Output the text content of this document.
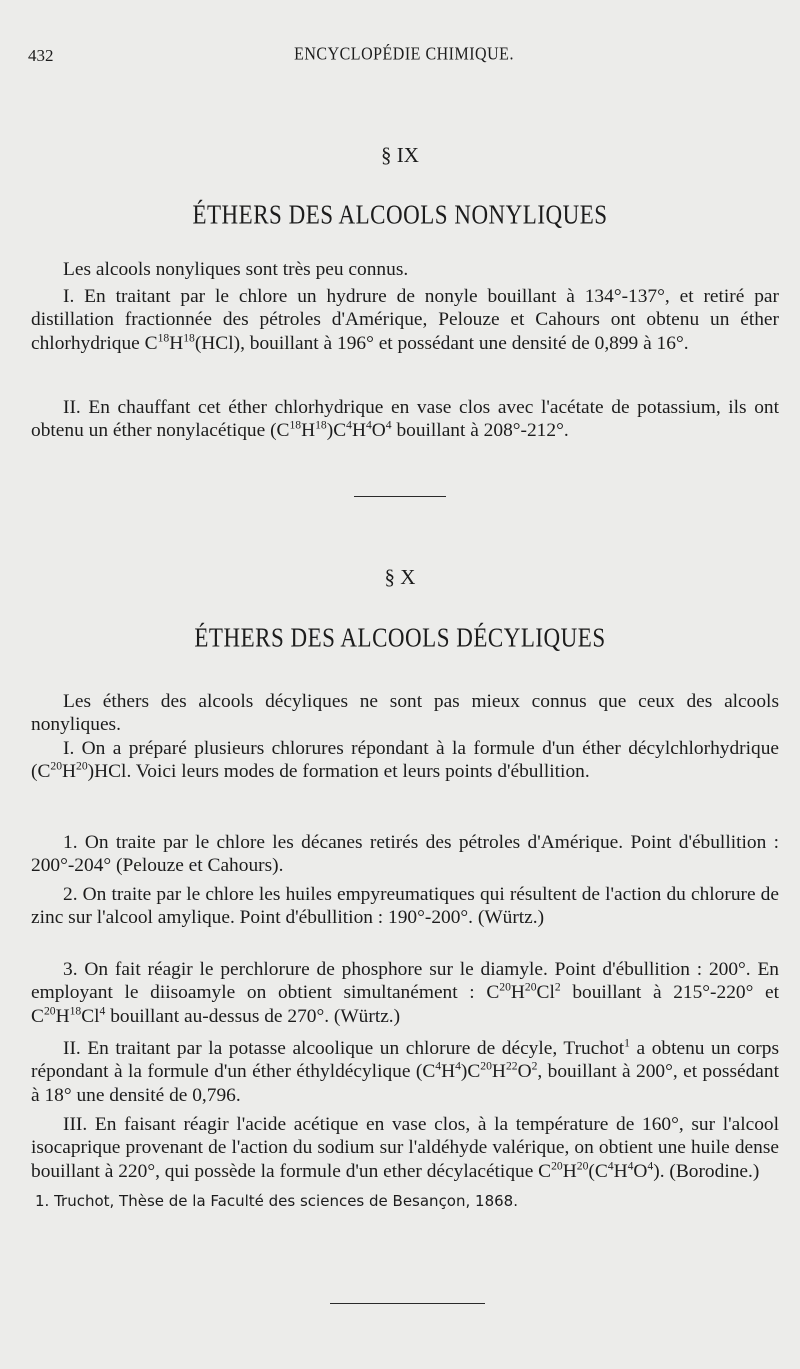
432	ENCYCLOPÉDIE CHIMIQUE.
§ IX
ÉTHERS DES ALCOOLS NONYLIQUES

Les alcools nonyliques sont très peu connus.

I. En traitant par le chlore un hydrure de nonyle bouillant à 134°-137°, et retiré par distillation fractionnée des pétroles d'Amérique, Pelouze et Cahours ont obtenu un éther chlorhydrique $C^{18}H^{18}(HCl)$, bouillant à 196° et possédant une densité de 0,899 à 16°.

II. En chauffant cet éther chlorhydrique en vase clos avec l'acétate de potassium, ils ont obtenu un éther nonylacétique $(C^{18}H^{18})C^4H^4O^4$ bouillant à 208°-212°.

§ X
ÉTHERS DES ALCOOLS DÉCYLIQUES

Les éthers des alcools décyliques ne sont pas mieux connus que ceux des alcools nonyliques.

I. On a préparé plusieurs chlorures répondant à la formule d'un éther décylchlorhydrique $(C^{20}H^{20})HCl$. Voici leurs modes de formation et leurs points d'ébullition.

1. On traite par le chlore les décanes retirés des pétroles d'Amérique. Point d'ébullition : 200°-204° (Pelouze et Cahours).

2. On traite par le chlore les huiles empyreumatiques qui résultent de l'action du chlorure de zinc sur l'alcool amylique. Point d'ébullition : 190°-200°. (Würtz.)

3. On fait réagir le perchlorure de phosphore sur le diamyle. Point d'ébullition : 200°. En employant le diisoamyle on obtient simultanément : $C^{20}H^{20}Cl^2$ bouillant à 215°-220° et $C^{20}H^{18}Cl^4$ bouillant au-dessus de 270°. (Würtz.)

II. En traitant par la potasse alcoolique un chlorure de décyle, Truchot$^1$ a obtenu un corps répondant à la formule d'un éther éthyldécylique $(C^4H^4)C^{20}H^{22}O^2$, bouillant à 200°, et possédant à 18° une densité de 0,796.

III. En faisant réagir l'acide acétique en vase clos, à la température de 160°, sur l'alcool isocaprique provenant de l'action du sodium sur l'aldéhyde valérique, on obtient une huile dense bouillant à 220°, qui possède la formule d'un ether décylacétique $C^{20}H^{20}(C^4H^4O^4)$. (Borodine.)

1. Truchot, Thèse de la Faculté des sciences de Besançon, 1868.
